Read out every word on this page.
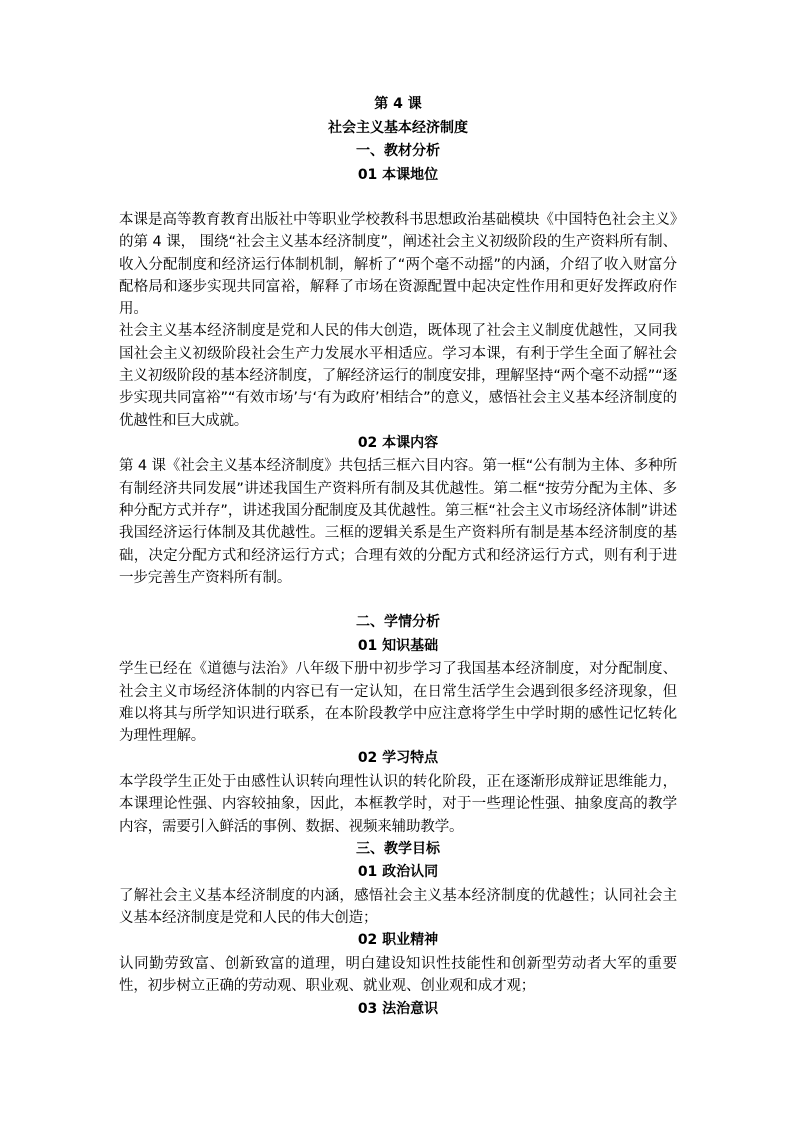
第 4 课

社会主义基本经济制度

一、教材分析

01 本课地位

本课是高等教育教育出版社中等职业学校教科书思想政治基础模块《中国特色社会主义》的第 4 课， 围绕“社会主义基本经济制度”，阐述社会主义初级阶段的生产资料所有制、收入分配制度和经济运行体制机制，解析了“两个毫不动摇”的内涵，介绍了收入财富分配格局和逐步实现共同富裕，解释了市场在资源配置中起决定性作用和更好发挥政府作用。

社会主义基本经济制度是党和人民的伟大创造，既体现了社会主义制度优越性，又同我国社会主义初级阶段社会生产力发展水平相适应。学习本课，有利于学生全面了解社会主义初级阶段的基本经济制度，了解经济运行的制度安排，理解坚持“两个毫不动摇”“逐步实现共同富裕”“有效市场’与‘有为政府’相结合”的意义，感悟社会主义基本经济制度的优越性和巨大成就。

02 本课内容

第 4 课《社会主义基本经济制度》共包括三框六目内容。第一框“公有制为主体、多种所有制经济共同发展”讲述我国生产资料所有制及其优越性。第二框“按劳分配为主体、多种分配方式并存”，讲述我国分配制度及其优越性。第三框“社会主义市场经济体制”讲述我国经济运行体制及其优越性。三框的逻辑关系是生产资料所有制是基本经济制度的基础，决定分配方式和经济运行方式；合理有效的分配方式和经济运行方式，则有利于进一步完善生产资料所有制。

二、学情分析

01 知识基础

学生已经在《道德与法治》八年级下册中初步学习了我国基本经济制度，对分配制度、社会主义市场经济体制的内容已有一定认知，在日常生活学生会遇到很多经济现象，但难以将其与所学知识进行联系，在本阶段教学中应注意将学生中学时期的感性记忆转化为理性理解。

02 学习特点

本学段学生正处于由感性认识转向理性认识的转化阶段，正在逐渐形成辩证思维能力，本课理论性强、内容较抽象，因此，本框教学时，对于一些理论性强、抽象度高的教学内容，需要引入鲜活的事例、数据、视频来辅助教学。

三、教学目标

01 政治认同

了解社会主义基本经济制度的内涵，感悟社会主义基本经济制度的优越性；认同社会主义基本经济制度是党和人民的伟大创造；

02 职业精神

认同勤劳致富、创新致富的道理，明白建设知识性技能性和创新型劳动者大军的重要性，初步树立正确的劳动观、职业观、就业观、创业观和成才观；

03 法治意识
